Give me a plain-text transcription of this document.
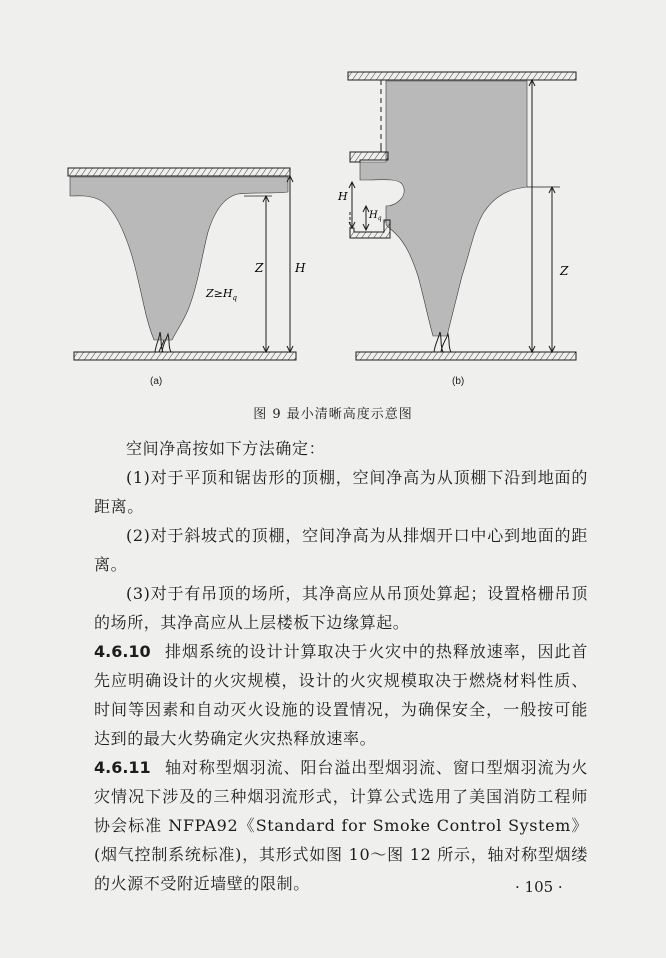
Z	H
$Z\ge H_q$
H
$H_q$
Z
(a)	(b)
图 9 最小清晰高度示意图
空间净高按如下方法确定：
(1)对于平顶和锯齿形的顶棚，空间净高为从顶棚下沿到地面的距离。
(2)对于斜坡式的顶棚，空间净高为从排烟开口中心到地面的距离。
(3)对于有吊顶的场所，其净高应从吊顶处算起；设置格栅吊顶的场所，其净高应从上层楼板下边缘算起。
4.6.10 排烟系统的设计计算取决于火灾中的热释放速率，因此首先应明确设计的火灾规模，设计的火灾规模取决于燃烧材料性质、时间等因素和自动灭火设施的设置情况，为确保安全，一般按可能达到的最大火势确定火灾热释放速率。
4.6.11 轴对称型烟羽流、阳台溢出型烟羽流、窗口型烟羽流为火灾情况下涉及的三种烟羽流形式，计算公式选用了美国消防工程师协会标准 NFPA92《Standard for Smoke Control System》(烟气控制系统标准)，其形式如图 10～图 12 所示，轴对称型烟缕的火源不受附近墙壁的限制。	· 105 ·
